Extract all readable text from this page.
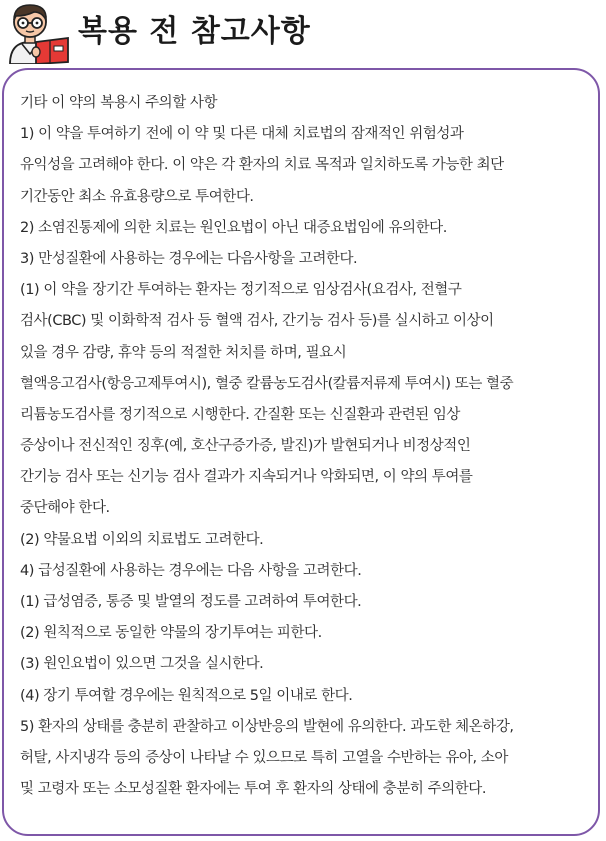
복용 전 참고사항
기타 이 약의 복용시 주의할 사항
1) 이 약을 투여하기 전에 이 약 및 다른 대체 치료법의 잠재적인 위험성과
유익성을 고려해야 한다. 이 약은 각 환자의 치료 목적과 일치하도록 가능한 최단
기간동안 최소 유효용량으로 투여한다.
2) 소염진통제에 의한 치료는 원인요법이 아닌 대증요법임에 유의한다.
3) 만성질환에 사용하는 경우에는 다음사항을 고려한다.
(1) 이 약을 장기간 투여하는 환자는 정기적으로 임상검사(요검사, 전혈구
검사(CBC) 및 이화학적 검사 등 혈액 검사, 간기능 검사 등)를 실시하고 이상이
있을 경우 감량, 휴약 등의 적절한 처치를 하며, 필요시
혈액응고검사(항응고제투여시), 혈중 칼륨농도검사(칼륨저류제 투여시) 또는 혈중
리튬농도검사를 정기적으로 시행한다. 간질환 또는 신질환과 관련된 임상
증상이나 전신적인 징후(예, 호산구증가증, 발진)가 발현되거나 비정상적인
간기능 검사 또는 신기능 검사 결과가 지속되거나 악화되면, 이 약의 투여를
중단해야 한다.
(2) 약물요법 이외의 치료법도 고려한다.
4) 급성질환에 사용하는 경우에는 다음 사항을 고려한다.
(1) 급성염증, 통증 및 발열의 정도를 고려하여 투여한다.
(2) 원칙적으로 동일한 약물의 장기투여는 피한다.
(3) 원인요법이 있으면 그것을 실시한다.
(4) 장기 투여할 경우에는 원칙적으로 5일 이내로 한다.
5) 환자의 상태를 충분히 관찰하고 이상반응의 발현에 유의한다. 과도한 체온하강,
허탈, 사지냉각 등의 증상이 나타날 수 있으므로 특히 고열을 수반하는 유아, 소아
및 고령자 또는 소모성질환 환자에는 투여 후 환자의 상태에 충분히 주의한다.
